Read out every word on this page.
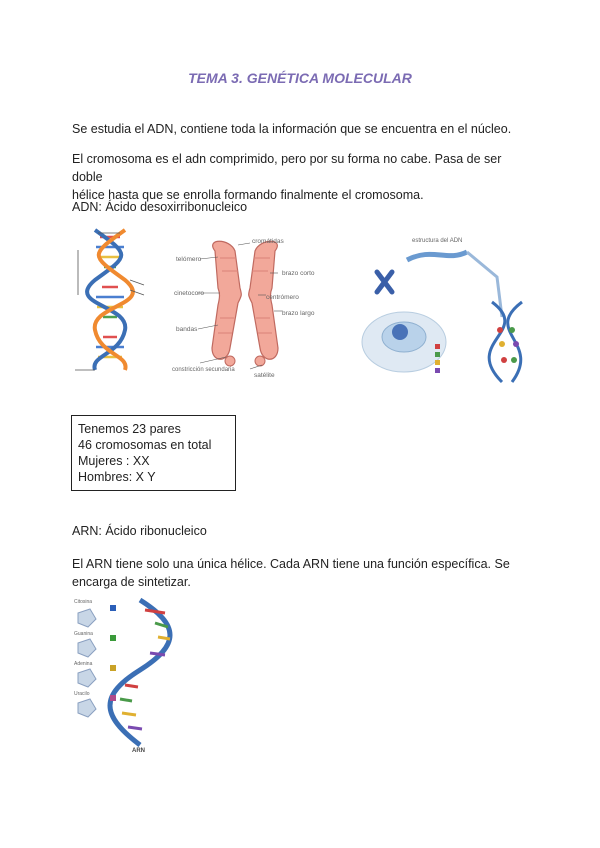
TEMA 3. GENÉTICA MOLECULAR

Se estudia el ADN, contiene toda la información que se encuentra en el núcleo.

El cromosoma es el adn comprimido, pero por su forma no cabe. Pasa de ser doble
hélice hasta que se enrolla formando finalmente el cromosoma.

ADN: Ácido desoxirribonucleico

cromátidas
telómero
brazo corto
cinetocoro
centrómero
bandas
brazo largo
constricción secundaria
satélite
estructura del ADN
Tenemos 23 pares
46 cromosomas en total
Mujeres : XX
Hombres: X Y

ARN: Ácido ribonucleico

El ARN tiene solo una única hélice. Cada ARN tiene una función específica. Se
encarga de sintetizar.
Citosina
Guanina
Adenina
Uracilo
ARN
